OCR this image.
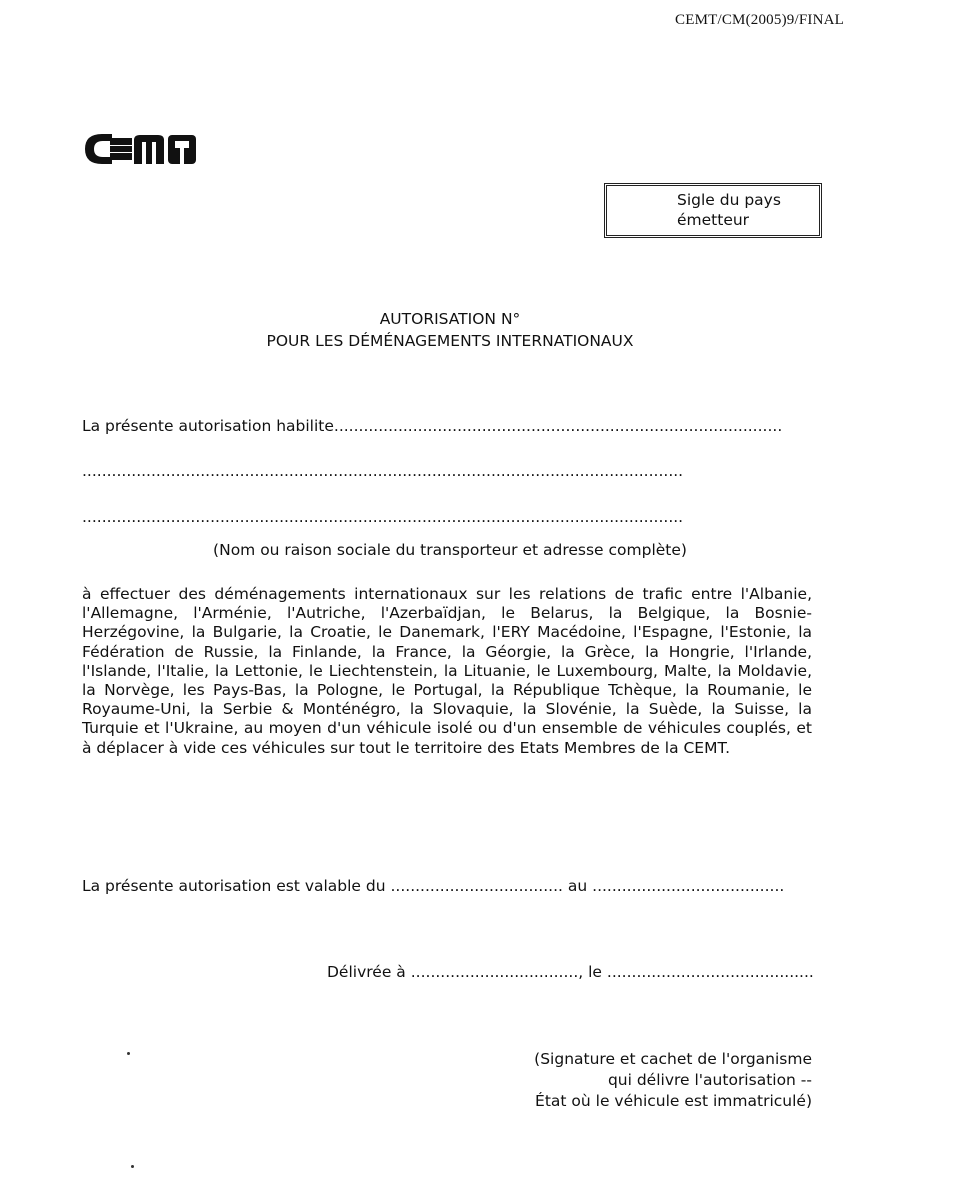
CEMT/CM(2005)9/FINAL
Sigle du pays
émetteur
AUTORISATION N°
POUR LES DÉMÉNAGEMENTS INTERNATIONAUX
La présente autorisation habilite...........................................................................................
..........................................................................................................................
..........................................................................................................................
(Nom ou raison sociale du transporteur et adresse complète)
à effectuer des déménagements internationaux sur les relations de trafic entre l'Albanie, l'Allemagne, l'Arménie, l'Autriche, l'Azerbaïdjan, le Belarus, la Belgique, la Bosnie-Herzégovine, la Bulgarie, la Croatie, le Danemark, l'ERY Macédoine, l'Espagne, l'Estonie, la Fédération de Russie, la Finlande, la France, la Géorgie, la Grèce, la Hongrie, l'Irlande, l'Islande, l'Italie, la Lettonie, le Liechtenstein, la Lituanie, le Luxembourg, Malte, la Moldavie, la Norvège, les Pays-Bas, la Pologne, le Portugal, la République Tchèque, la Roumanie, le Royaume-Uni, la Serbie & Monténégro, la Slovaquie, la Slovénie, la Suède, la Suisse, la Turquie et l'Ukraine, au moyen d'un véhicule isolé ou d'un ensemble de véhicules couplés, et à déplacer à vide ces véhicules sur tout le territoire des Etats Membres de la CEMT.
La présente autorisation est valable du ................................... au .......................................
Délivrée à .................................., le ..........................................
(Signature et cachet de l'organisme
qui délivre l'autorisation --
État où le véhicule est immatriculé)
